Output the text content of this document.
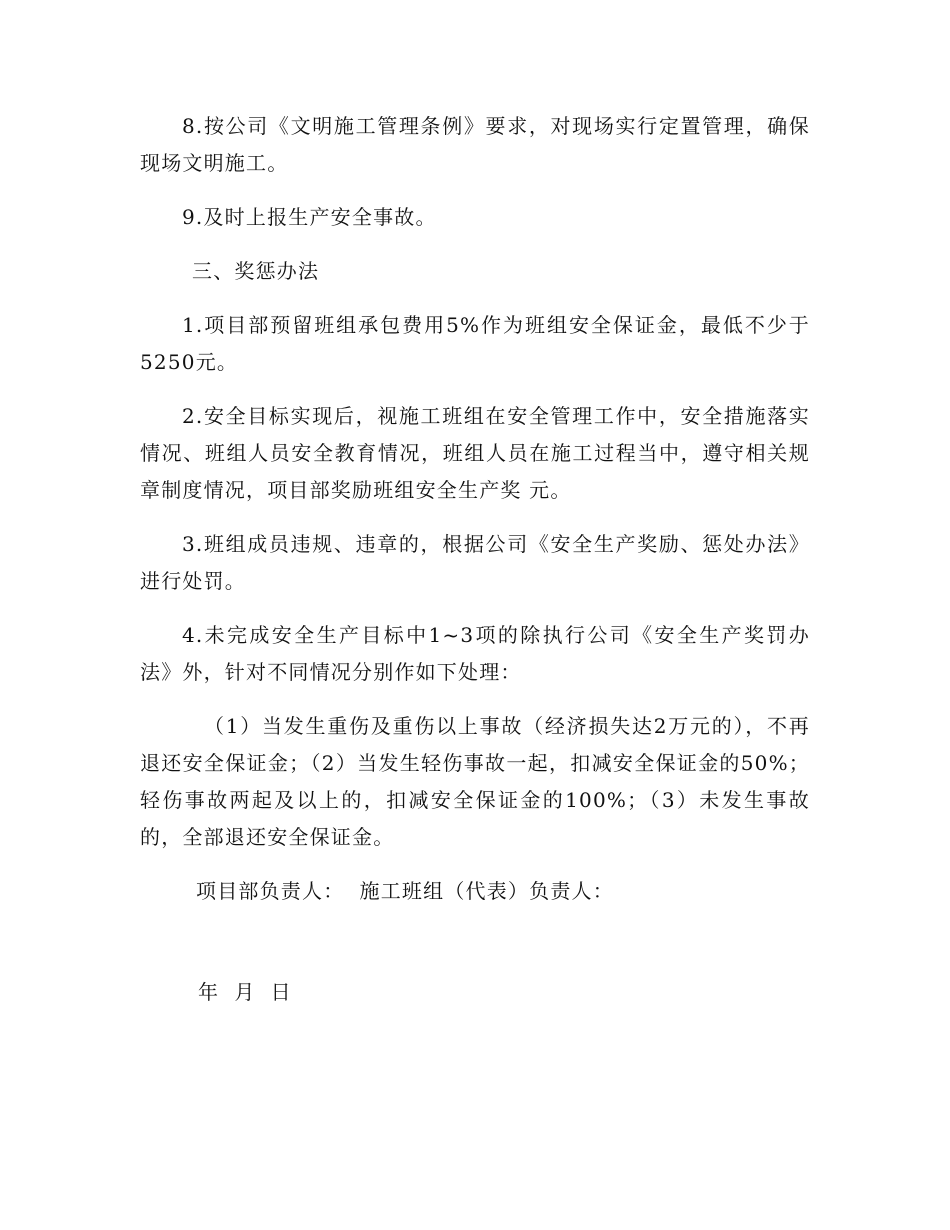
8.按公司《文明施工管理条例》要求，对现场实行定置管理，确保现场文明施工。

9.及时上报生产安全事故。

三、奖惩办法

1.项目部预留班组承包费用5%作为班组安全保证金，最低不少于5250元。

2.安全目标实现后，视施工班组在安全管理工作中，安全措施落实情况、班组人员安全教育情况，班组人员在施工过程当中，遵守相关规章制度情况，项目部奖励班组安全生产奖 元。

3.班组成员违规、违章的，根据公司《安全生产奖励、惩处办法》进行处罚。

4.未完成安全生产目标中1~3项的除执行公司《安全生产奖罚办法》外，针对不同情况分别作如下处理：

（1）当发生重伤及重伤以上事故（经济损失达2万元的），不再退还安全保证金；（2）当发生轻伤事故一起，扣减安全保证金的50%；轻伤事故两起及以上的，扣减安全保证金的100%；（3）未发生事故的，全部退还安全保证金。

项目部负责人：  施工班组（代表）负责人：

年  月  日
